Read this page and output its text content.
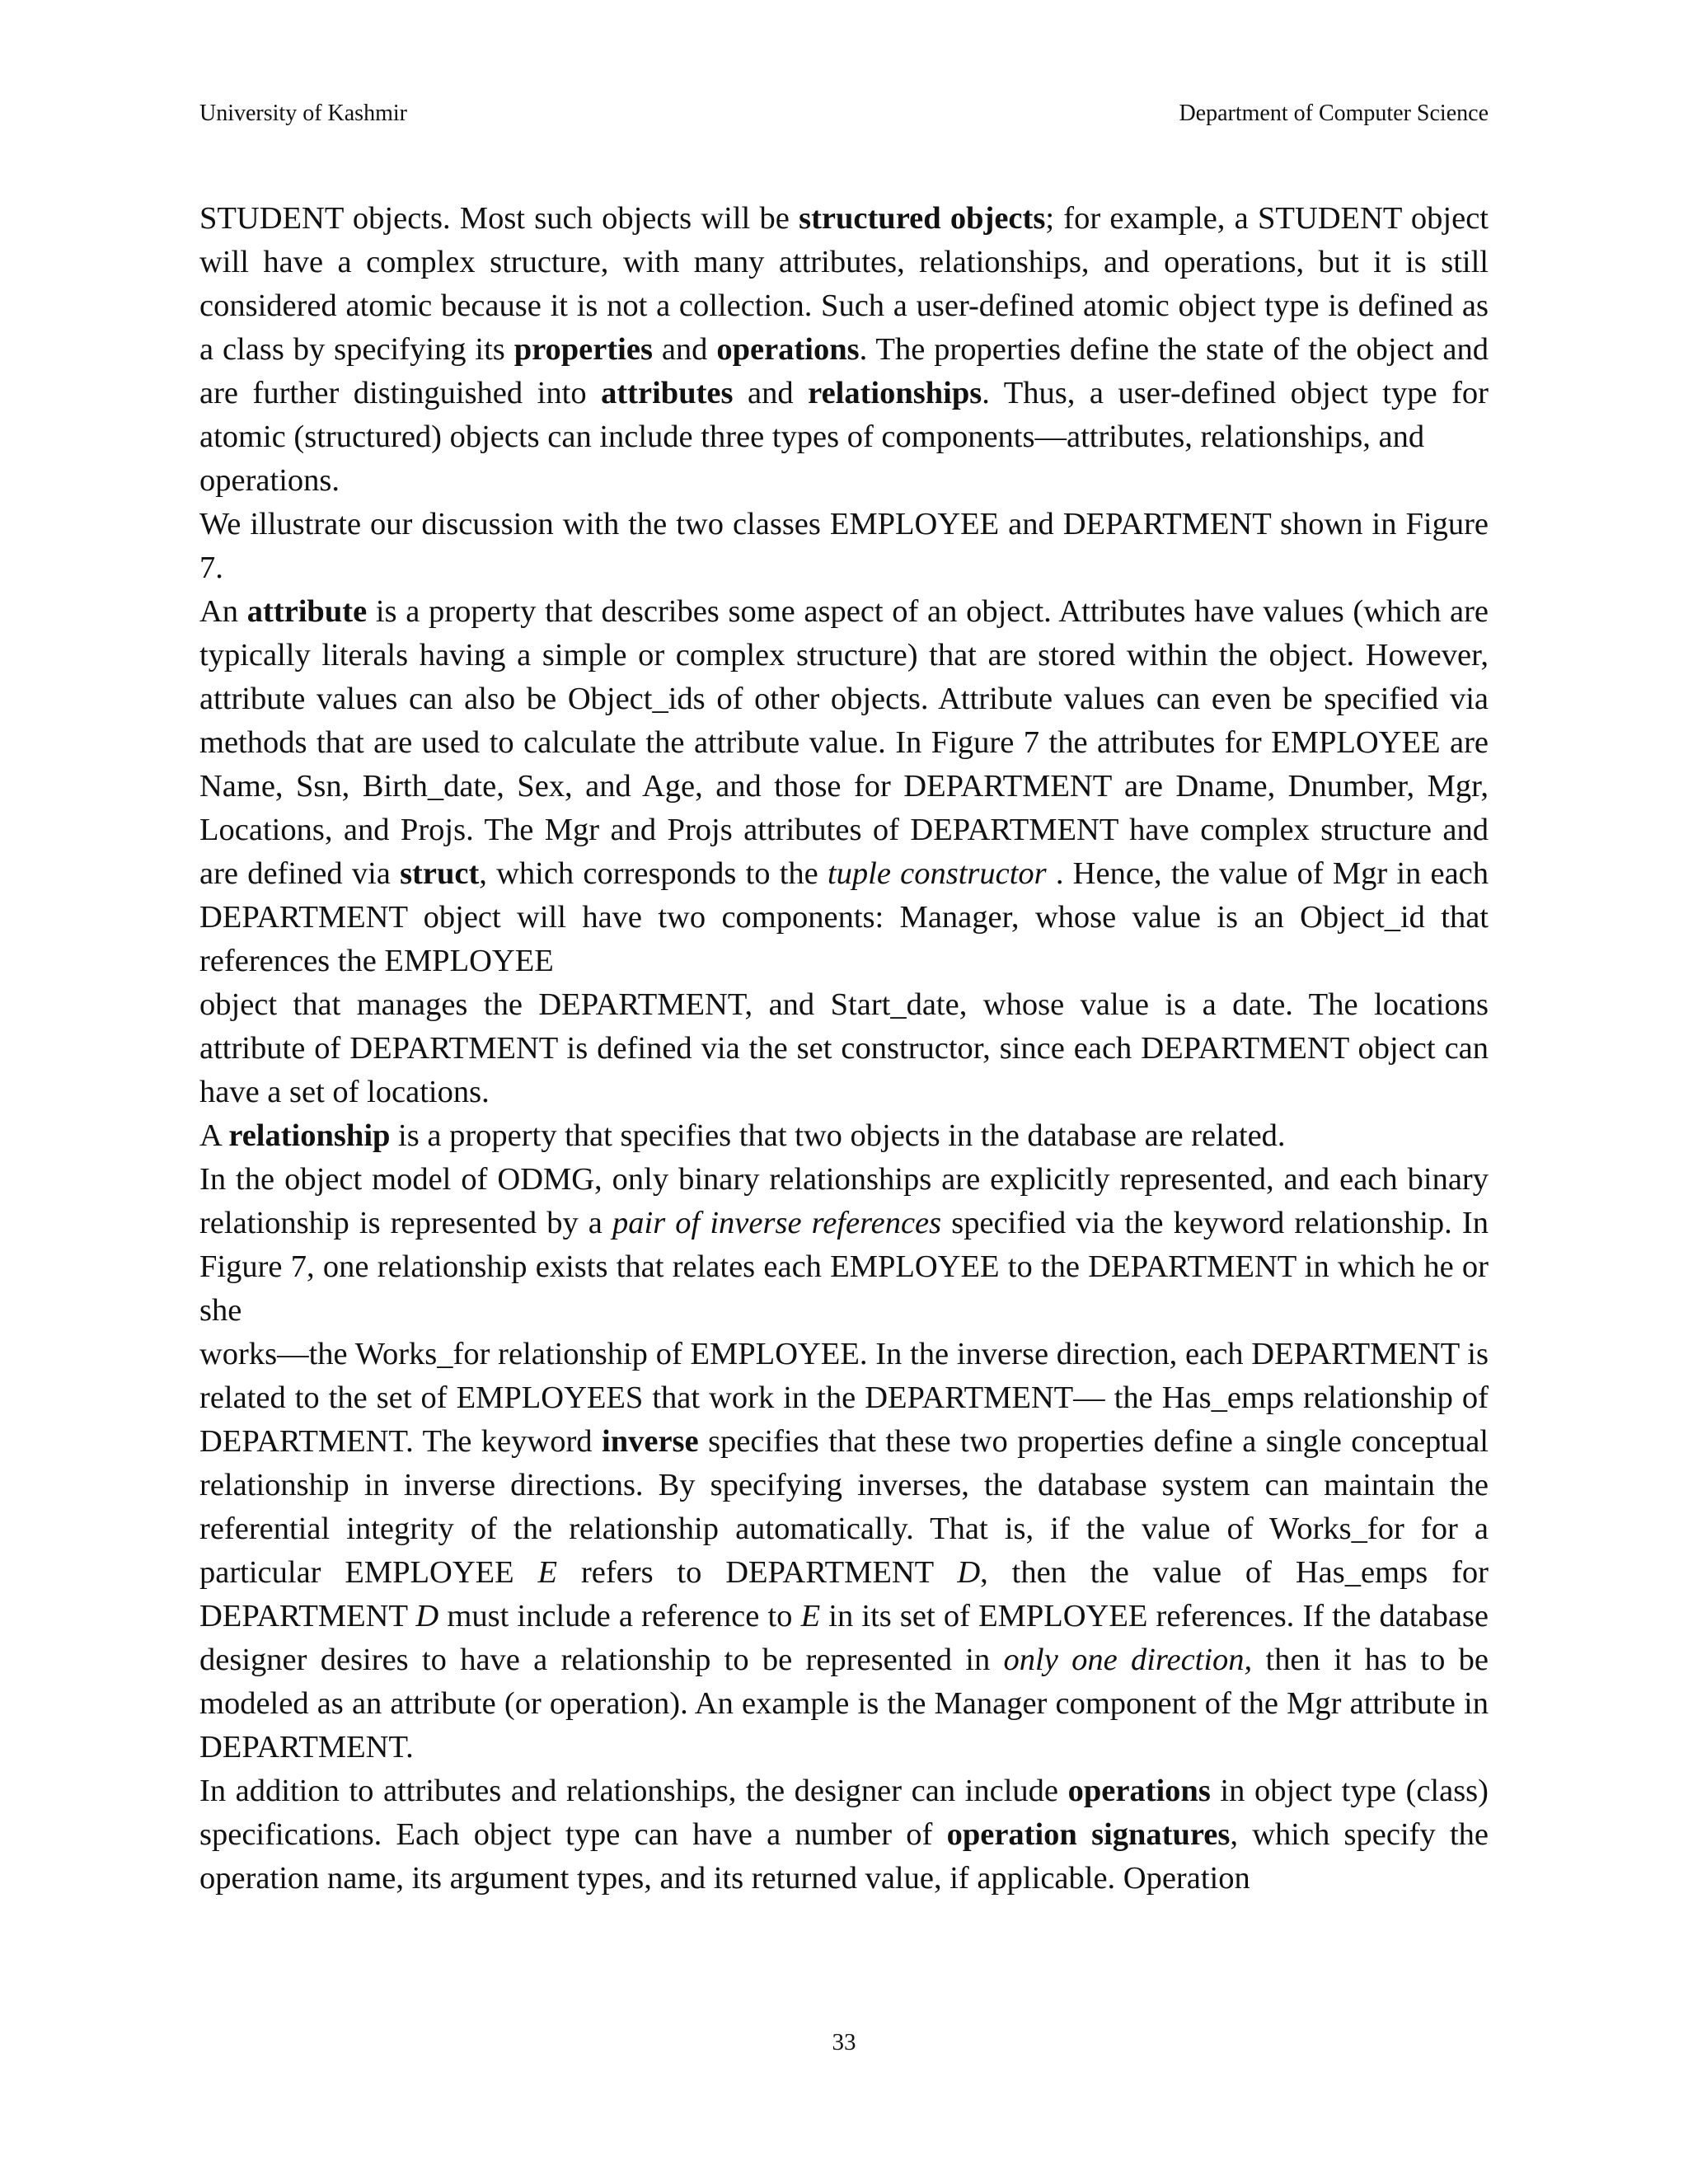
University of Kashmir	Department of Computer Science

STUDENT objects. Most such objects will be structured objects; for example, a STUDENT object will have a complex structure, with many attributes, relationships, and operations, but it is still considered atomic because it is not a collection. Such a user-defined atomic object type is defined as a class by specifying its properties and operations. The properties define the state of the object and are further distinguished into attributes and relationships. Thus, a user-defined object type for atomic (structured) objects can include three types of components—attributes, relationships, and

operations.

We illustrate our discussion with the two classes EMPLOYEE and DEPARTMENT shown in Figure 7.

An attribute is a property that describes some aspect of an object. Attributes have values (which are typically literals having a simple or complex structure) that are stored within the object. However, attribute values can also be Object_ids of other objects. Attribute values can even be specified via methods that are used to calculate the attribute value. In Figure 7 the attributes for EMPLOYEE are Name, Ssn, Birth_date, Sex, and Age, and those for DEPARTMENT are Dname, Dnumber, Mgr, Locations, and Projs. The Mgr and Projs attributes of DEPARTMENT have complex structure and are defined via struct, which corresponds to the tuple constructor . Hence, the value of Mgr in each DEPARTMENT object will have two components: Manager, whose value is an Object_id that references the EMPLOYEE

object that manages the DEPARTMENT, and Start_date, whose value is a date. The locations attribute of DEPARTMENT is defined via the set constructor, since each DEPARTMENT object can have a set of locations.

A relationship is a property that specifies that two objects in the database are related.

In the object model of ODMG, only binary relationships are explicitly represented, and each binary relationship is represented by a pair of inverse references specified via the keyword relationship. In Figure 7, one relationship exists that relates each EMPLOYEE to the DEPARTMENT in which he or she

works—the Works_for relationship of EMPLOYEE. In the inverse direction, each DEPARTMENT is related to the set of EMPLOYEES that work in the DEPARTMENT— the Has_emps relationship of DEPARTMENT. The keyword inverse specifies that these two properties define a single conceptual relationship in inverse directions. By specifying inverses, the database system can maintain the referential integrity of the relationship automatically. That is, if the value of Works_for for a particular EMPLOYEE E refers to DEPARTMENT D, then the value of Has_emps for DEPARTMENT D must include a reference to E in its set of EMPLOYEE references. If the database designer desires to have a relationship to be represented in only one direction, then it has to be modeled as an attribute (or operation). An example is the Manager component of the Mgr attribute in DEPARTMENT.

In addition to attributes and relationships, the designer can include operations in object type (class) specifications. Each object type can have a number of operation signatures, which specify the operation name, its argument types, and its returned value, if applicable. Operation

33
